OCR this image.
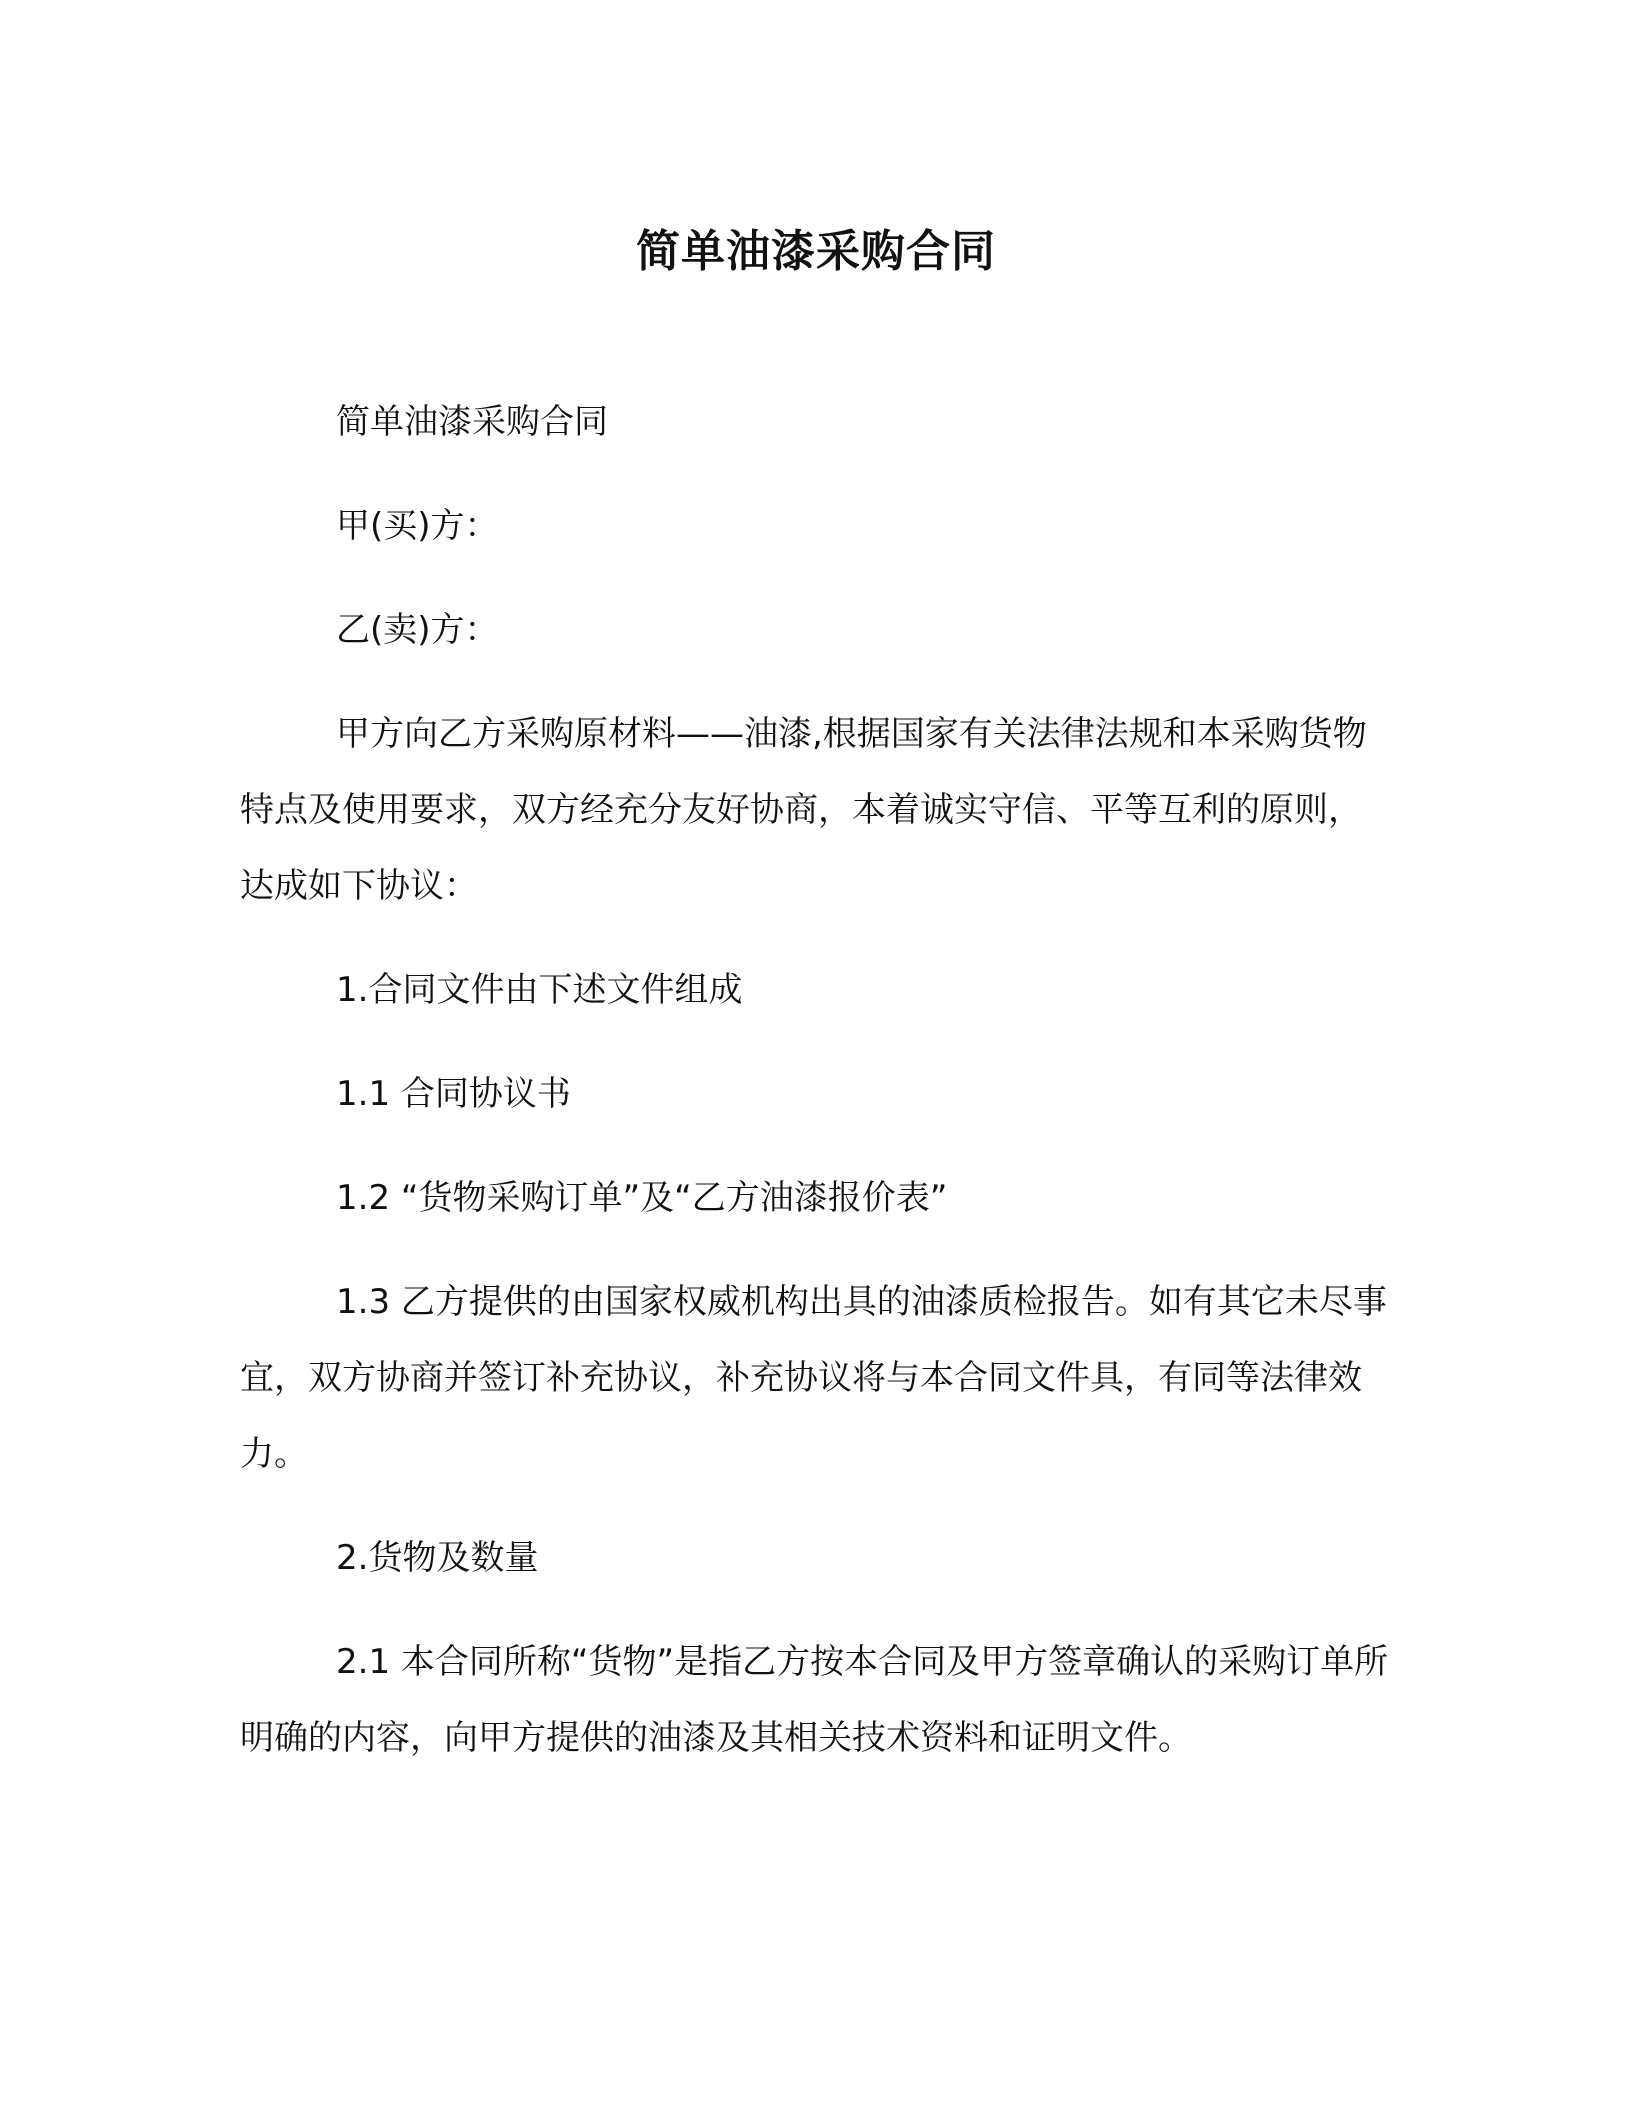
简单油漆采购合同

简单油漆采购合同

甲(买)方：

乙(卖)方：

甲方向乙方采购原材料——油漆,根据国家有关法律法规和本采购货物特点及使用要求，双方经充分友好协商，本着诚实守信、平等互利的原则，达成如下协议：

1.合同文件由下述文件组成

1.1 合同协议书

1.2 “货物采购订单”及“乙方油漆报价表”

1.3 乙方提供的由国家权威机构出具的油漆质检报告。如有其它未尽事宜，双方协商并签订补充协议，补充协议将与本合同文件具，有同等法律效力。

2.货物及数量

2.1 本合同所称“货物”是指乙方按本合同及甲方签章确认的采购订单所明确的内容，向甲方提供的油漆及其相关技术资料和证明文件。
